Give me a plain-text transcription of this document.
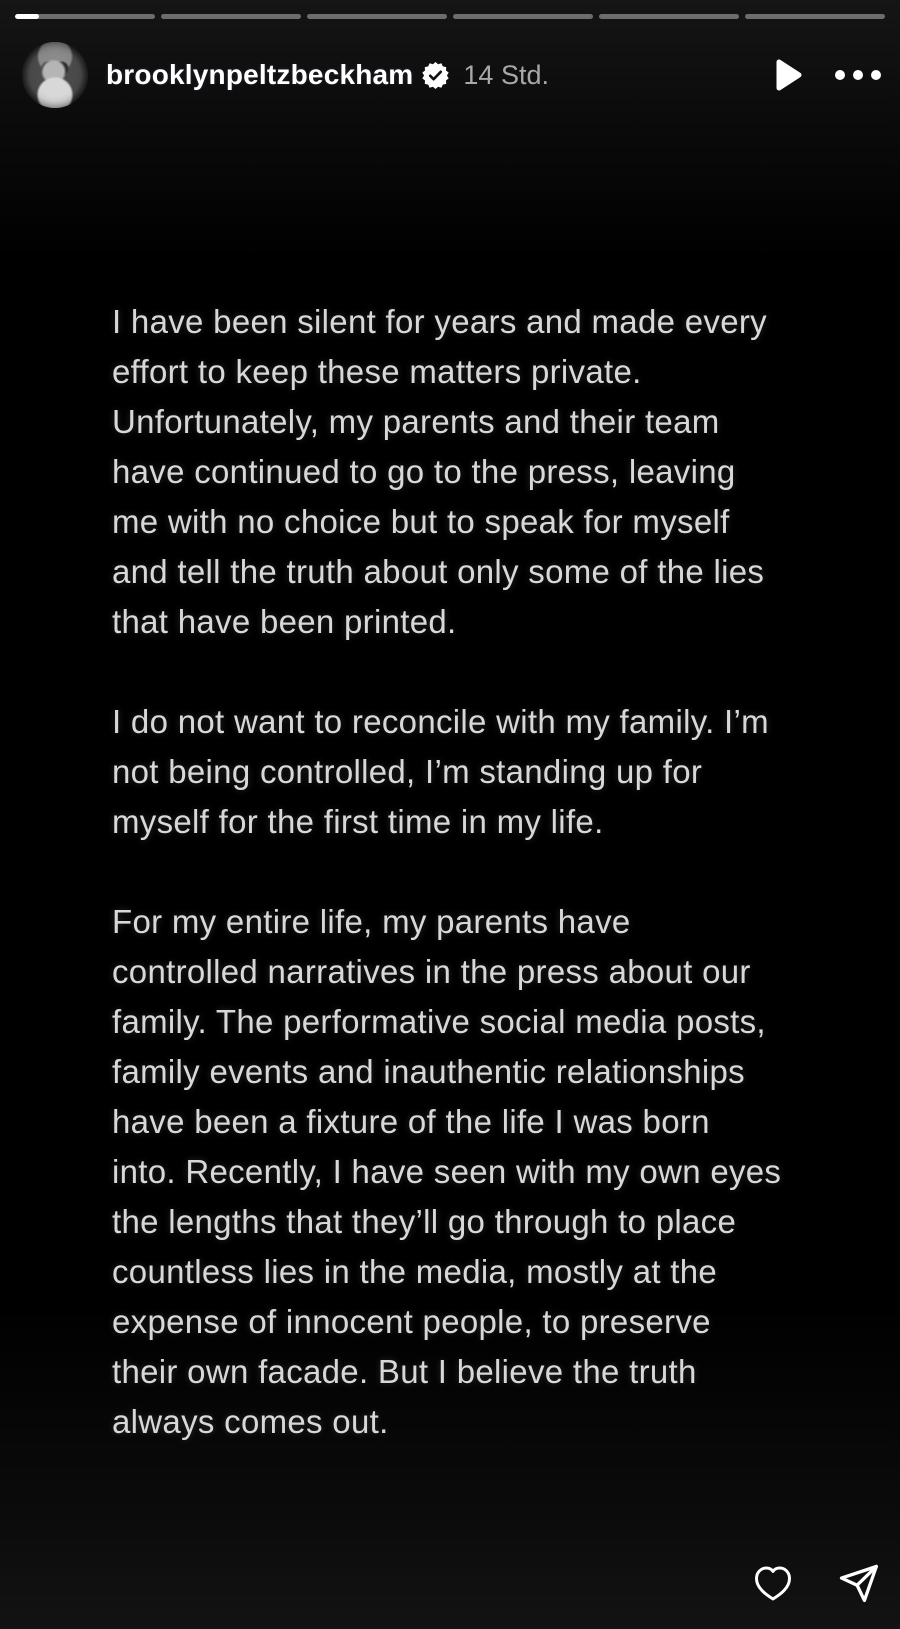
brooklynpeltzbeckham 14 Std.
I have been silent for years and made every
effort to keep these matters private.
Unfortunately, my parents and their team
have continued to go to the press, leaving
me with no choice but to speak for myself
and tell the truth about only some of the lies
that have been printed.
I do not want to reconcile with my family. I’m
not being controlled, I’m standing up for
myself for the first time in my life.
For my entire life, my parents have
controlled narratives in the press about our
family. The performative social media posts,
family events and inauthentic relationships
have been a fixture of the life I was born
into. Recently, I have seen with my own eyes
the lengths that they’ll go through to place
countless lies in the media, mostly at the
expense of innocent people, to preserve
their own facade. But I believe the truth
always comes out.
